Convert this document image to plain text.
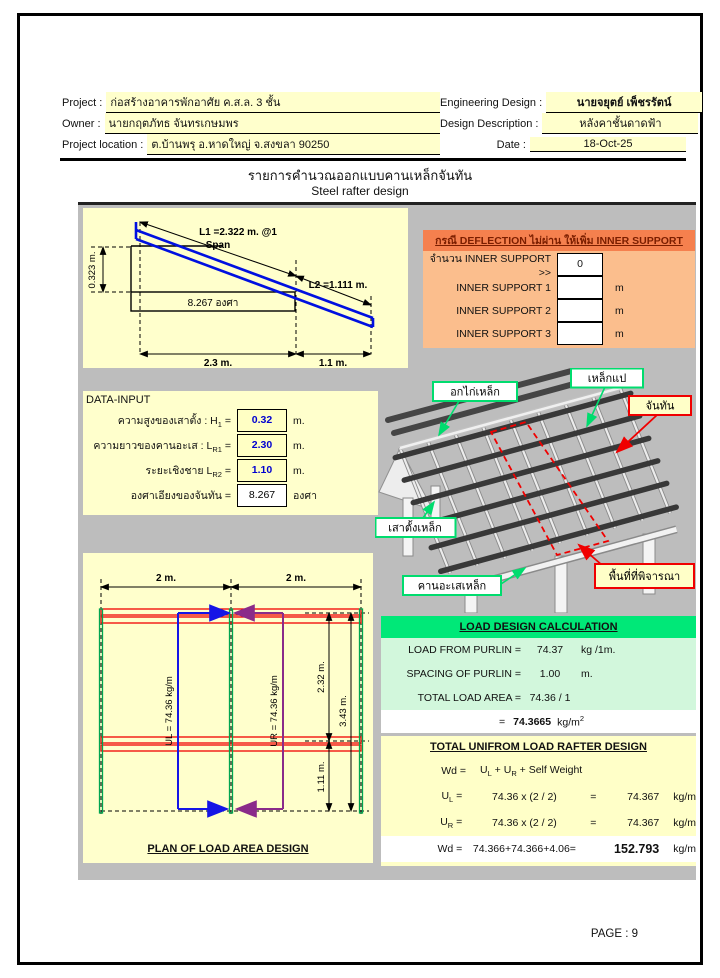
Project : ก่อสร้างอาคารพักอาศัย ค.ส.ล. 3 ชั้น	Engineering Design :	นายจยุตย์ เพ็ชรรัตน์
Owner : นายกฤตภัทธ จันทรเกษมพร	Design Description :	หลังคาชั้นดาดฟ้า
Project location : ต.บ้านพรุ อ.หาดใหญ่ จ.สงขลา 90250	Date :	18-Oct-25
รายการคำนวณออกแบบคานเหล็กจันทัน
Steel rafter design
8.267 องศา
L1 =2.322 m. @1
Span
L2 =1.111 m.
0.323 m.
2.3 m.	1.1 m.
กรณี DEFLECTION ไม่ผ่าน ให้เพิ่ม INNER SUPPORT
จำนวน INNER SUPPORT >>
0
INNER SUPPORT 1	m
INNER SUPPORT 2	m
INNER SUPPORT 3	m
DATA-INPUT
ความสูงของเสาตั้ง : $H_1$ =	0.32	m.
ความยาวของคานอะเส : $L_{R1}$ =	2.30	m.
ระยะเชิงชาย $L_{R2}$ =	1.10	m.
องศาเอียงของจันทัน =	8.267	องศา
อกไก่เหล็ก
เหล็กแป
จันทัน
เสาตั้งเหล็ก
คานอะเสเหล็ก
พื้นที่ที่พิจารณา
2 m.	2 m.
UL = 74.36 kg/m	UR = 74.36 kg/m	2.32 m.
1.11 m.
3.43 m.
PLAN OF LOAD AREA DESIGN
LOAD DESIGN CALCULATION
LOAD FROM PURLIN =	74.37	kg /1m.
SPACING OF PURLIN =	1.00	m.
TOTAL LOAD AREA = 74.36 / 1
= 74.3665 $kg/m^2$
TOTAL UNIFROM LOAD RAFTER DESIGN
Wd =	$U_L + U_R$ + Self Weight
$U_L$ =	74.36 x (2 / 2)	=	74.367	kg/m
$U_R$ =	74.36 x (2 / 2)	=	74.367	kg/m
Wd =	74.366+74.366+4.06=	152.793	kg/m
PAGE : 9
